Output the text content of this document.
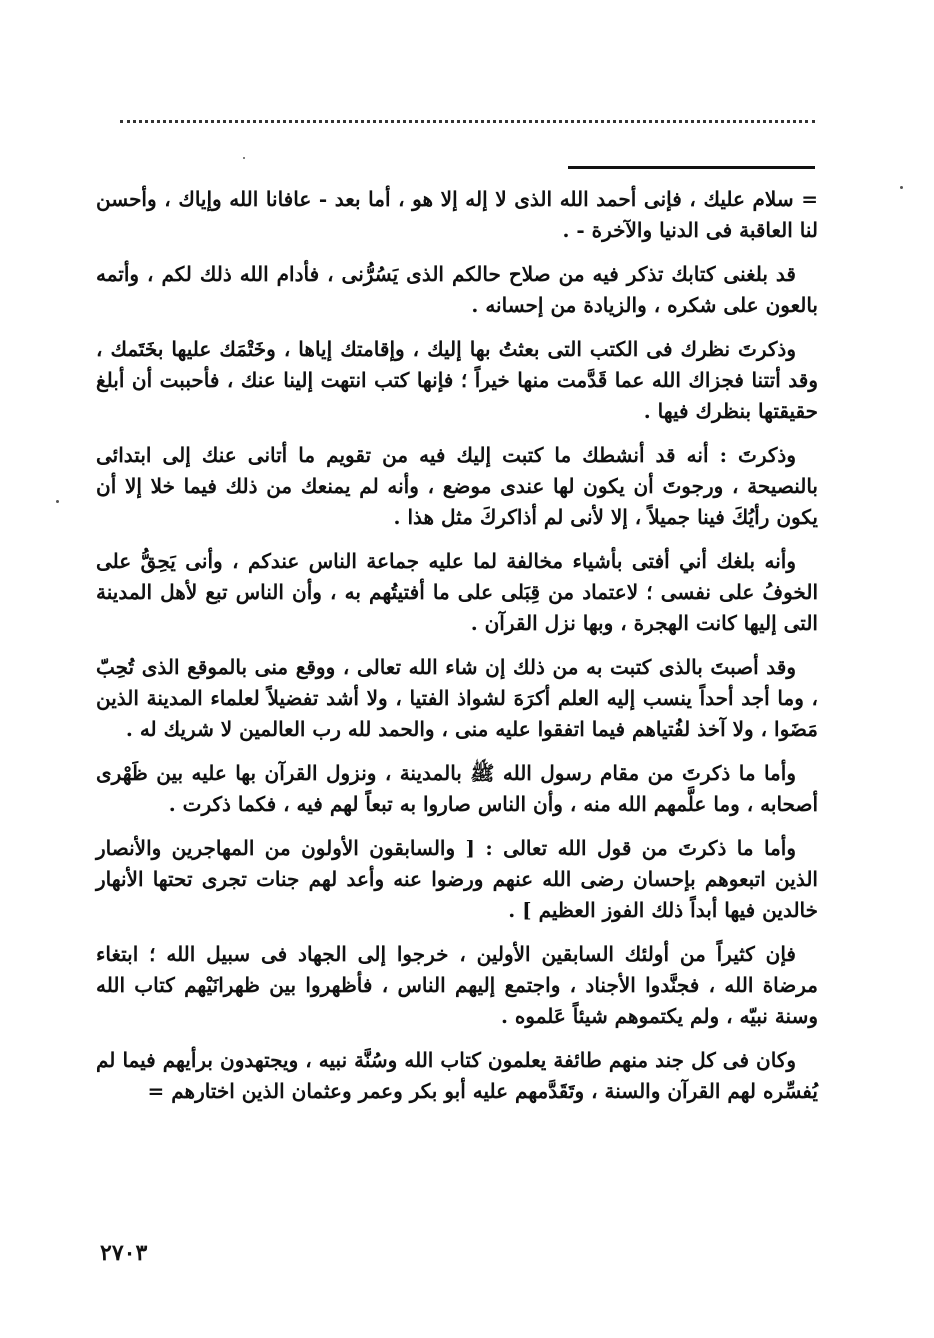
= سلام عليك ، فإنى أحمد الله الذى لا إله إلا هو ، أما بعد - عافانا الله وإياك ، وأحسن لنا العاقبة فى الدنيا والآخرة - .

قد بلغنى كتابك تذكر فيه من صلاح حالكم الذى يَسُرُّنى ، فأدام الله ذلك لكم ، وأتمه بالعون على شكره ، والزيادة من إحسانه .

وذكرتَ نظرك فى الكتب التى بعثتُ بها إليك ، وإقامتك إياها ، وخَتْمَك عليها بخَتَمك ، وقد أتتنا فجزاك الله عما قَدَّمت منها خيراً ؛ فإنها كتب انتهت إلينا عنك ، فأحببت أن أبلغ حقيقتها بنظرك فيها .

وذكرتَ : أنه قد أنشطك ما كتبت إليك فيه من تقويم ما أتانى عنك إلى ابتدائى بالنصيحة ، ورجوتَ أن يكون لها عندى موضع ، وأنه لم يمنعك من ذلك فيما خلا إلا أن يكون رأيُكَ فينا جميلاً ، إلا لأنى لم أذاكركَ مثل هذا .

وأنه بلغك أني أفتى بأشياء مخالفة لما عليه جماعة الناس عندكم ، وأنى يَحِقُّ على الخوفُ على نفسى ؛ لاعتماد من قِبَلى على ما أفتيتُهم به ، وأن الناس تبع لأهل المدينة التى إليها كانت الهجرة ، وبها نزل القرآن .

وقد أصبتَ بالذى كتبت به من ذلك إن شاء الله تعالى ، ووقع منى بالموقع الذى تُحِبّ ، وما أجد أحداً ينسب إليه العلم أكرَهَ لشواذ الفتيا ، ولا أشد تفضيلاً لعلماء المدينة الذين مَضَوا ، ولا آخذ لفُتياهم فيما اتفقوا عليه منى ، والحمد لله رب العالمين لا شريك له .

وأما ما ذكرتَ من مقام رسول الله ﷺ بالمدينة ، ونزول القرآن بها عليه بين ظَهْرى أصحابه ، وما علَّمهم الله منه ، وأن الناس صاروا به تبعاً لهم فيه ، فكما ذكرت .

وأما ما ذكرتَ من قول الله تعالى : [ والسابقون الأولون من المهاجرين والأنصار الذين اتبعوهم بإحسان رضى الله عنهم ورضوا عنه وأعد لهم جنات تجرى تحتها الأنهار خالدين فيها أبداً ذلك الفوز العظيم ] .

فإن كثيراً من أولئك السابقين الأولين ، خرجوا إلى الجهاد فى سبيل الله ؛ ابتغاء مرضاة الله ، فجنَّدوا الأجناد ، واجتمع إليهم الناس ، فأظهروا بين ظهرانَيْهم كتاب الله وسنة نبيّه ، ولم يكتموهم شيئاً عَلموه .

وكان فى كل جند منهم طائفة يعلمون كتاب الله وسُنَّة نبيه ، ويجتهدون برأيهم فيما لم يُفسِّره لهم القرآن والسنة ، وتَقَدَّمهم عليه أبو بكر وعمر وعثمان الذين اختارهم =

٢٧٠٣
